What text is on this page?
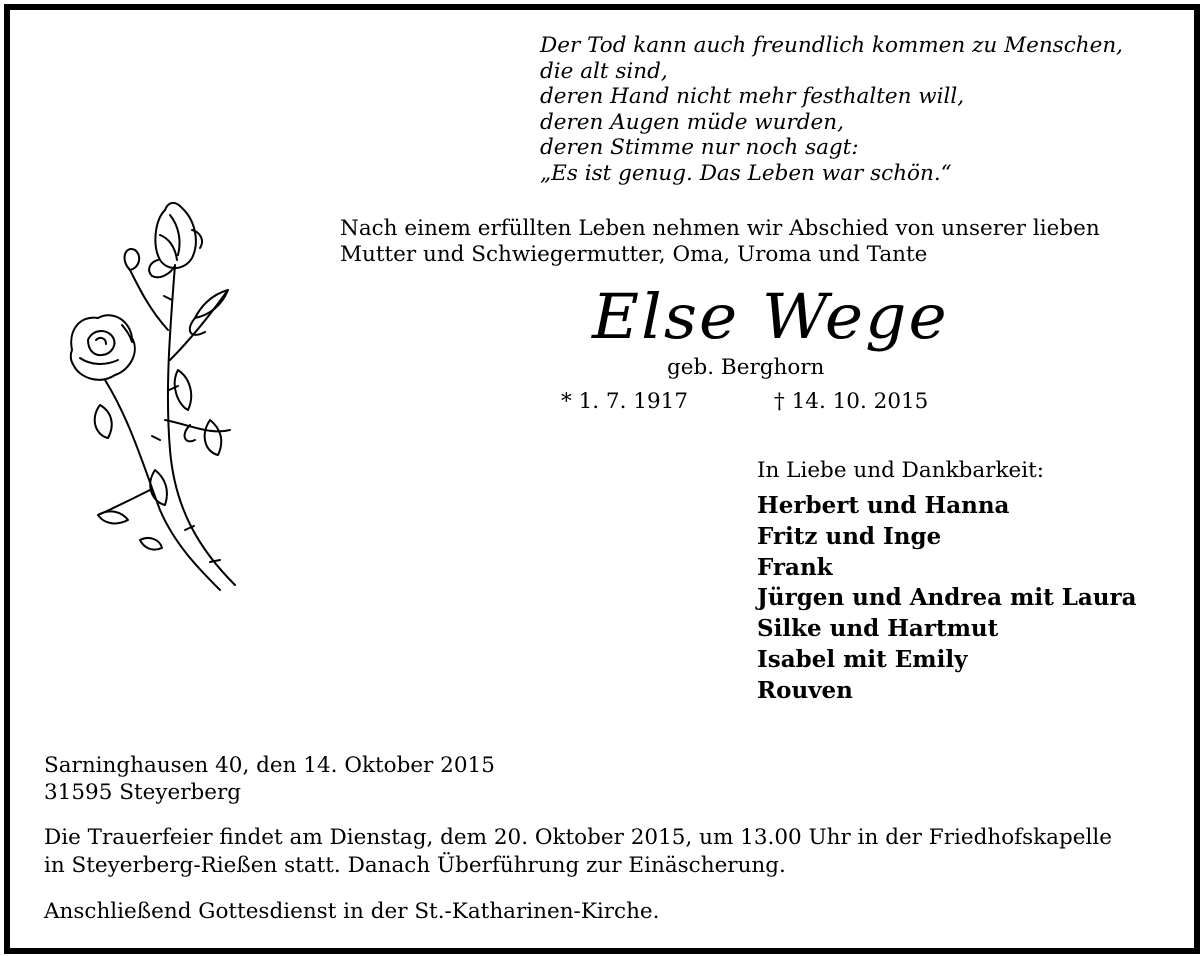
Der Tod kann auch freundlich kommen zu Menschen,
die alt sind,
deren Hand nicht mehr festhalten will,
deren Augen müde wurden,
deren Stimme nur noch sagt:
„Es ist genug. Das Leben war schön.“
Nach einem erfüllten Leben nehmen wir Abschied von unserer lieben
Mutter und Schwiegermutter, Oma, Uroma und Tante
Else Wege
geb. Berghorn
* 1. 7. 1917	† 14. 10. 2015
In Liebe und Dankbarkeit:
Herbert und Hanna
Fritz und Inge
Frank
Jürgen und Andrea mit Laura
Silke und Hartmut
Isabel mit Emily
Rouven
Sarninghausen 40, den 14. Oktober 2015
31595 Steyerberg
Die Trauerfeier findet am Dienstag, dem 20. Oktober 2015, um 13.00 Uhr in der Friedhofskapelle
in Steyerberg-Rießen statt. Danach Überführung zur Einäscherung.
Anschließend Gottesdienst in der St.-Katharinen-Kirche.
